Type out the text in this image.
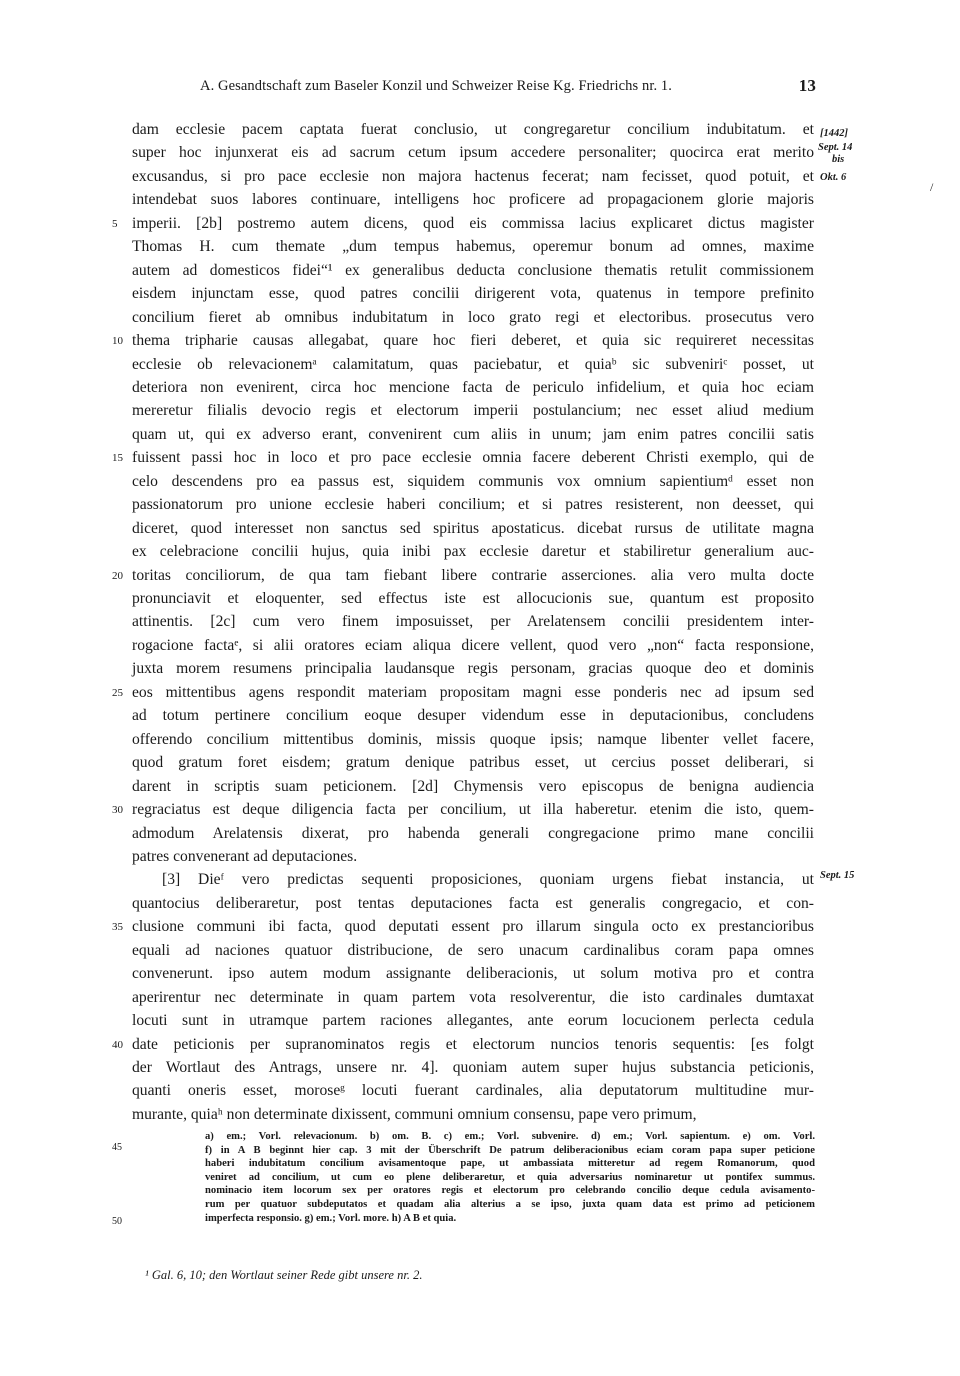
A. Gesandtschaft zum Baseler Konzil und Schweizer Reise Kg. Friedrichs nr. 1.	13
dam ecclesie pacem captata fuerat conclusio, ut congregaretur concilium indubitatum. et
super hoc injunxerat eis ad sacrum cetum ipsum accedere personaliter; quocirca erat merito
excusandus, si pro pace ecclesie non majora hactenus fecerat; nam fecisset, quod potuit, et
intendebat suos labores continuare, intelligens hoc proficere ad propagacionem glorie majoris
imperii. [2b] postremo autem dicens, quod eis commissa lacius explicaret dictus magister
Thomas H. cum themate „dum tempus habemus, operemur bonum ad omnes, maxime
autem ad domesticos fidei“¹ ex generalibus deducta conclusione thematis retulit commissionem
eisdem injunctam esse, quod patres concilii dirigerent vota, quatenus in tempore prefinito
concilium fieret ab omnibus indubitatum in loco grato regi et electoribus. prosecutus vero
thema tripharie causas allegabat, quare hoc fieri deberet, et quia sic requireret necessitas
ecclesie ob relevacionemᵃ calamitatum, quas paciebatur, et quiaᵇ sic subveniriᶜ posset, ut
deteriora non evenirent, circa hoc mencione facta de periculo infidelium, et quia hoc eciam
mereretur filialis devocio regis et electorum imperii postulancium; nec esset aliud medium
quam ut, qui ex adverso erant, convenirent cum aliis in unum; jam enim patres concilii satis
fuissent passi hoc in loco et pro pace ecclesie omnia facere deberent Christi exemplo, qui de
celo descendens pro ea passus est, siquidem communis vox omnium sapientiumᵈ esset non
passionatorum pro unione ecclesie haberi concilium; et si patres resisterent, non deesset, qui
diceret, quod interesset non sanctus sed spiritus apostaticus. dicebat rursus de utilitate magna
ex celebracione concilii hujus, quia inibi pax ecclesie daretur et stabiliretur generalium auc-
toritas conciliorum, de qua tam fiebant libere contrarie asserciones. alia vero multa docte
pronunciavit et eloquenter, sed effectus iste est allocucionis sue, quantum est proposito
attinentis. [2c] cum vero finem imposuisset, per Arelatensem concilii presidentem inter-
rogacione factaᵉ, si alii oratores eciam aliqua dicere vellent, quod vero „non“ facta responsione,
juxta morem resumens principalia laudansque regis personam, gracias quoque deo et dominis
eos mittentibus agens respondit materiam propositam magni esse ponderis nec ad ipsum sed
ad totum pertinere concilium eoque desuper videndum esse in deputacionibus, concludens
offerendo concilium mittentibus dominis, missis quoque ipsis; namque libenter vellet facere,
quod gratum foret eisdem; gratum denique patribus esset, ut cercius posset deliberari, si
darent in scriptis suam peticionem. [2d] Chymensis vero episcopus de benigna audiencia
regraciatus est deque diligencia facta per concilium, ut illa haberetur. etenim die isto, quem-
admodum Arelatensis dixerat, pro habenda generali congregacione primo mane concilii
patres convenerant ad deputaciones.
[3] Dieᶠ vero predictas sequenti proposiciones, quoniam urgens fiebat instancia, ut
quantocius deliberaretur, post tentas deputaciones facta est generalis congregacio, et con-
clusione communi ibi facta, quod deputati essent pro illarum singula octo ex prestancioribus
equali ad naciones quatuor distribucione, de sero unacum cardinalibus coram papa omnes
convenerunt. ipso autem modum assignante deliberacionis, ut solum motiva pro et contra
aperirentur nec determinate in quam partem vota resolverentur, die isto cardinales dumtaxat
locuti sunt in utramque partem raciones allegantes, ante eorum locucionem perlecta cedula
date peticionis per supranominatos regis et electorum nuncios tenoris sequentis: [es folgt
der Wortlaut des Antrags, unsere nr. 4]. quoniam autem super hujus substancia peticionis,
quanti oneris esset, moroseᵍ locuti fuerant cardinales, alia deputatorum multitudine mur-
murante, quiaʰ non determinate dixissent, communi omnium consensu, pape vero primum,
5
10
15
20
25
30
35
40
[1442]
Sept. 14
bis
Okt. 6
Sept. 15
/
45
50
a) em.; Vorl. relevacionum. b) om. B. c) em.; Vorl. subvenire. d) em.; Vorl. sapientum. e) om. Vorl.
f) in A B beginnt hier cap. 3 mit der Überschrift De patrum deliberacionibus eciam coram papa super peticione
haberi indubitatum concilium avisamentoque pape, ut ambassiata mitteretur ad regem Romanorum, quod
veniret ad concilium, ut cum eo plene deliberaretur, et quia adversarius nominaretur ut pontifex summus.
nominacio item locorum sex per oratores regis et electorum pro celebrando concilio deque cedula avisamento-
rum per quatuor subdeputatos et quadam alia alterius a se ipso, juxta quam data est primo ad peticionem
imperfecta responsio. g) em.; Vorl. more. h) A B et quia.
¹ Gal. 6, 10; den Wortlaut seiner Rede gibt unsere nr. 2.
